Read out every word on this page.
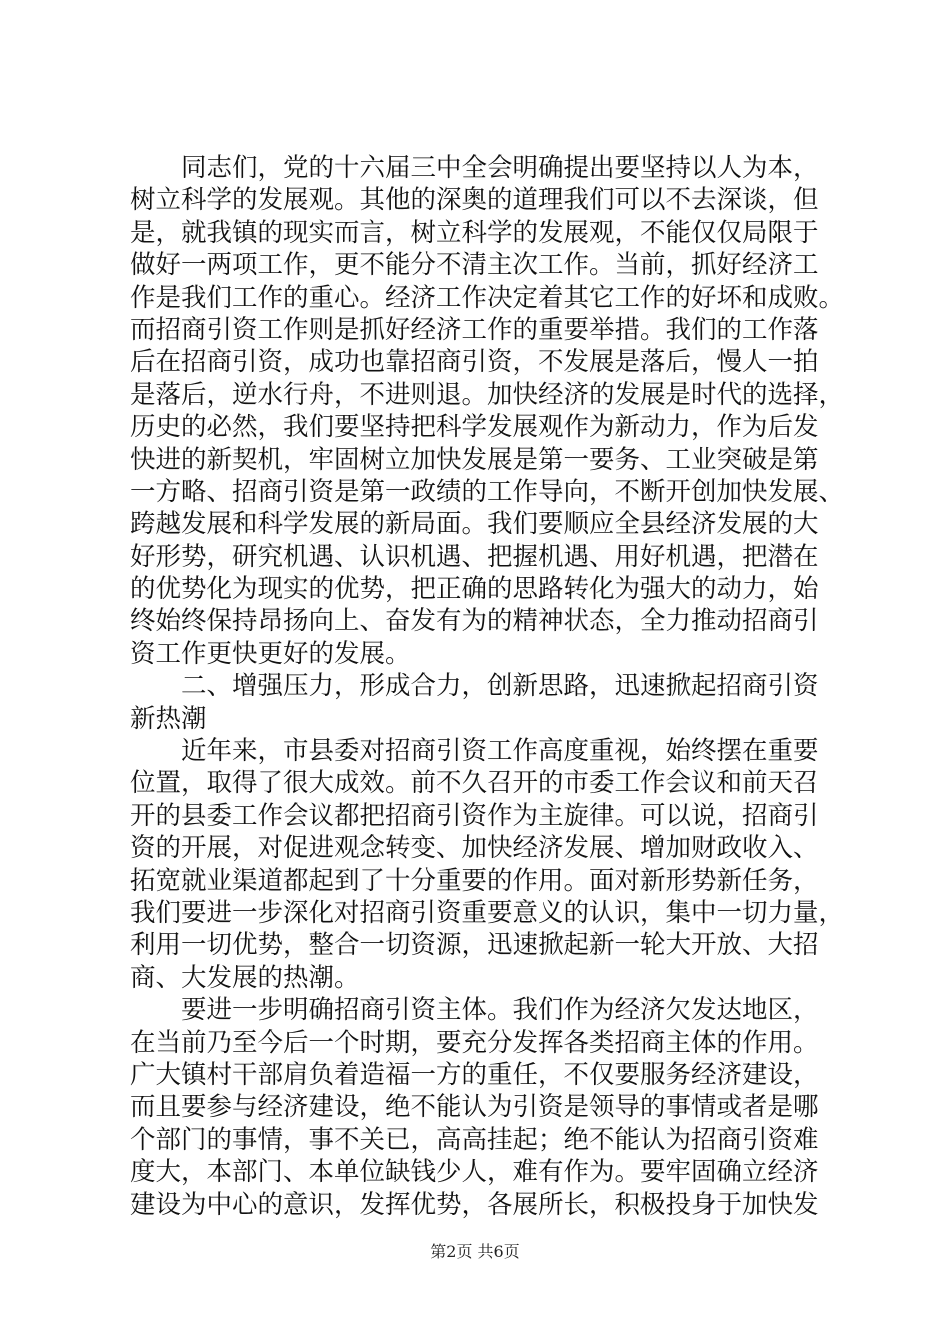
同志们，党的十六届三中全会明确提出要坚持以人为本，
树立科学的发展观。其他的深奥的道理我们可以不去深谈，但
是，就我镇的现实而言，树立科学的发展观，不能仅仅局限于
做好一两项工作，更不能分不清主次工作。当前，抓好经济工
作是我们工作的重心。经济工作决定着其它工作的好坏和成败。
而招商引资工作则是抓好经济工作的重要举措。我们的工作落
后在招商引资，成功也靠招商引资，不发展是落后，慢人一拍
是落后，逆水行舟，不进则退。加快经济的发展是时代的选择，
历史的必然，我们要坚持把科学发展观作为新动力，作为后发
快进的新契机，牢固树立加快发展是第一要务、工业突破是第
一方略、招商引资是第一政绩的工作导向，不断开创加快发展、
跨越发展和科学发展的新局面。我们要顺应全县经济发展的大
好形势，研究机遇、认识机遇、把握机遇、用好机遇，把潜在
的优势化为现实的优势，把正确的思路转化为强大的动力，始
终始终保持昂扬向上、奋发有为的精神状态，全力推动招商引
资工作更快更好的发展。
二、增强压力，形成合力，创新思路，迅速掀起招商引资
新热潮
近年来，市县委对招商引资工作高度重视，始终摆在重要
位置，取得了很大成效。前不久召开的市委工作会议和前天召
开的县委工作会议都把招商引资作为主旋律。可以说，招商引
资的开展，对促进观念转变、加快经济发展、增加财政收入、
拓宽就业渠道都起到了十分重要的作用。面对新形势新任务，
我们要进一步深化对招商引资重要意义的认识，集中一切力量，
利用一切优势，整合一切资源，迅速掀起新一轮大开放、大招
商、大发展的热潮。
要进一步明确招商引资主体。我们作为经济欠发达地区，
在当前乃至今后一个时期，要充分发挥各类招商主体的作用。
广大镇村干部肩负着造福一方的重任，不仅要服务经济建设，
而且要参与经济建设，绝不能认为引资是领导的事情或者是哪
个部门的事情，事不关已，高高挂起；绝不能认为招商引资难
度大，本部门、本单位缺钱少人，难有作为。要牢固确立经济
建设为中心的意识，发挥优势，各展所长，积极投身于加快发
第2页 共6页
